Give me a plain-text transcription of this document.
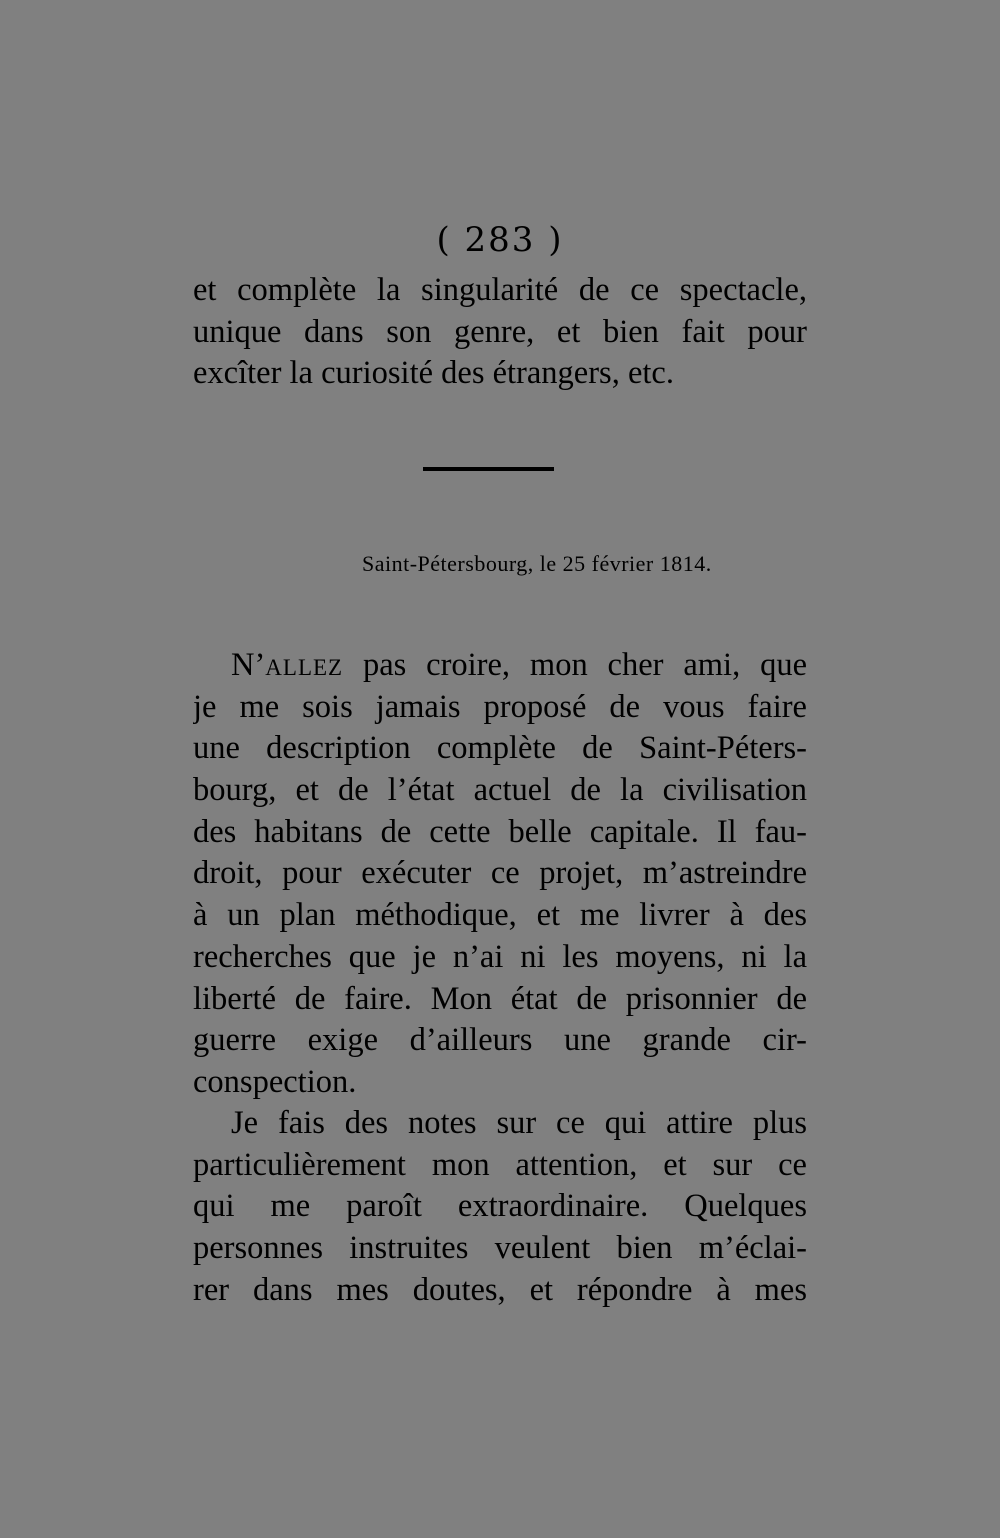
( 283 )
et complète la singularité de ce spectacle,
unique dans son genre, et bien fait pour
excîter la curiosité des étrangers, etc.
Saint-Pétersbourg, le 25 février 1814.
N’allez pas croire, mon cher ami, que
je me sois jamais proposé de vous faire
une description complète de Saint-Péters-
bourg, et de l’état actuel de la civilisation
des habitans de cette belle capitale. Il fau-
droit, pour exécuter ce projet, m’astreindre
à un plan méthodique, et me livrer à des
recherches que je n’ai ni les moyens, ni la
liberté de faire. Mon état de prisonnier de
guerre exige d’ailleurs une grande cir-
conspection.
Je fais des notes sur ce qui attire plus
particulièrement mon attention, et sur ce
qui me paroît extraordinaire. Quelques
personnes instruites veulent bien m’éclai-
rer dans mes doutes, et répondre à mes
